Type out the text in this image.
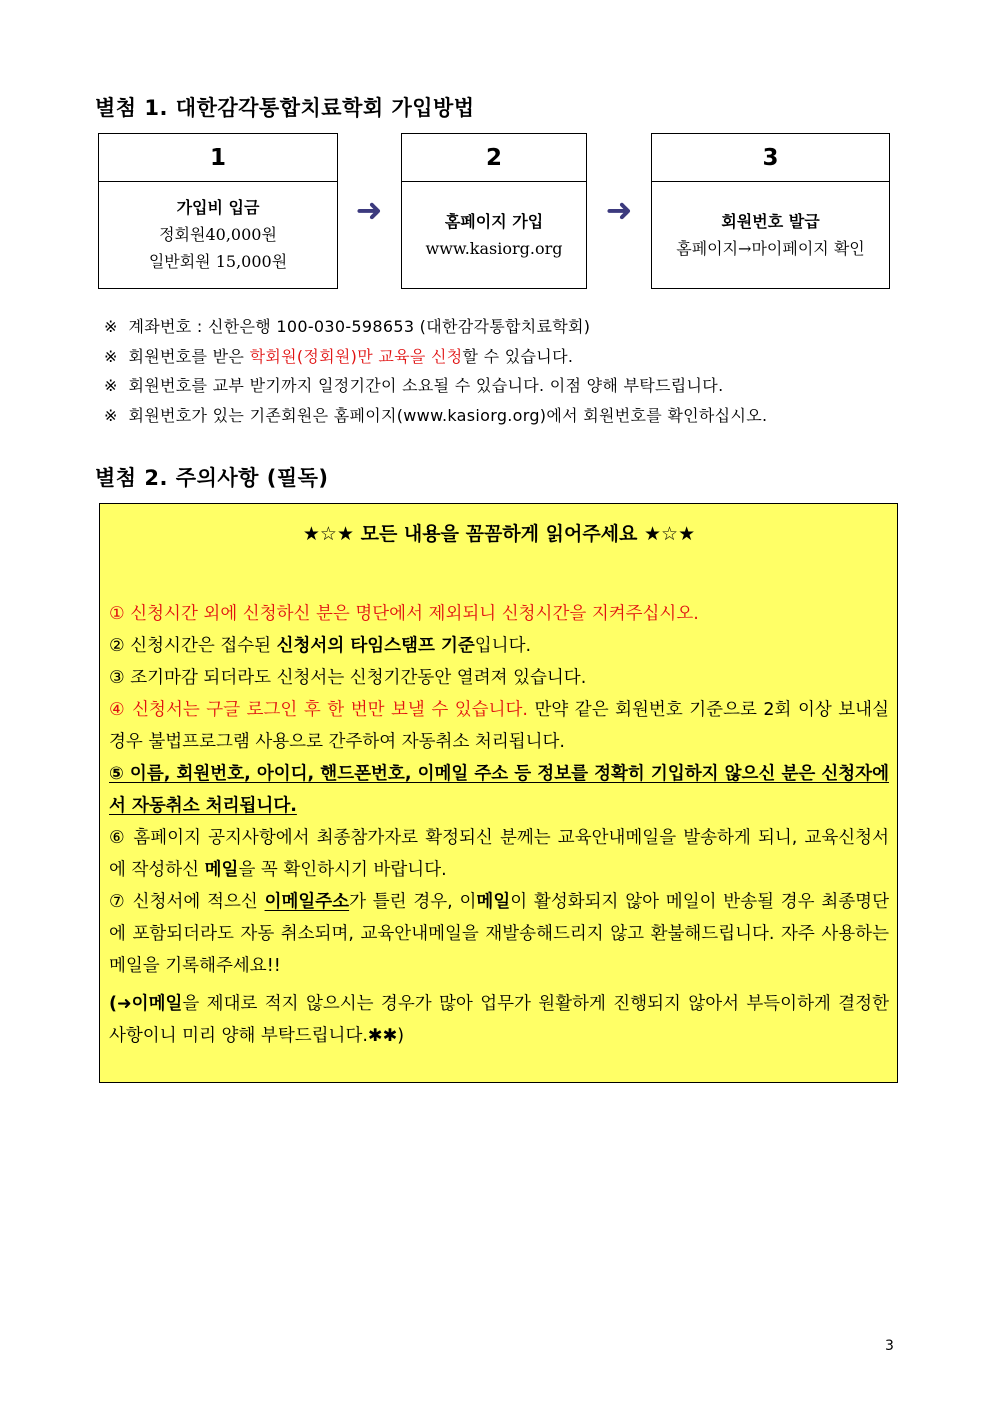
별첨 1. 대한감각통합치료학회 가입방법
1
가입비 입금
정회원40,000원
일반회원 15,000원
➜
2
홈페이지 가입
www.kasiorg.org
➜
3
회원번호 발급
홈페이지→마이페이지 확인
※ 계좌번호 : 신한은행 100-030-598653 (대한감각통합치료학회)
※ 회원번호를 받은 학회원(정회원)만 교육을 신청할 수 있습니다.
※ 회원번호를 교부 받기까지 일정기간이 소요될 수 있습니다. 이점 양해 부탁드립니다.
※ 회원번호가 있는 기존회원은 홈페이지(www.kasiorg.org)에서 회원번호를 확인하십시오.
별첨 2. 주의사항 (필독)
★☆★ 모든 내용을 꼼꼼하게 읽어주세요 ★☆★
① 신청시간 외에 신청하신 분은 명단에서 제외되니 신청시간을 지켜주십시오.
② 신청시간은 접수된 신청서의 타임스탬프 기준입니다.
③ 조기마감 되더라도 신청서는 신청기간동안 열려져 있습니다.
④ 신청서는 구글 로그인 후 한 번만 보낼 수 있습니다. 만약 같은 회원번호 기준으로 2회 이상 보내실 경우 불법프로그램 사용으로 간주하여 자동취소 처리됩니다.
⑤ 이름, 회원번호, 아이디, 핸드폰번호, 이메일 주소 등 정보를 정확히 기입하지 않으신 분은 신청자에서 자동취소 처리됩니다.
⑥ 홈페이지 공지사항에서 최종참가자로 확정되신 분께는 교육안내메일을 발송하게 되니, 교육신청서에 작성하신 메일을 꼭 확인하시기 바랍니다.
⑦ 신청서에 적으신 이메일주소가 틀린 경우, 이메일이 활성화되지 않아 메일이 반송될 경우 최종명단에 포함되더라도 자동 취소되며, 교육안내메일을 재발송해드리지 않고 환불해드립니다. 자주 사용하는 메일을 기록해주세요!!
(➜이메일을 제대로 적지 않으시는 경우가 많아 업무가 원활하게 진행되지 않아서 부득이하게 결정한 사항이니 미리 양해 부탁드립니다.✱✱)
3
